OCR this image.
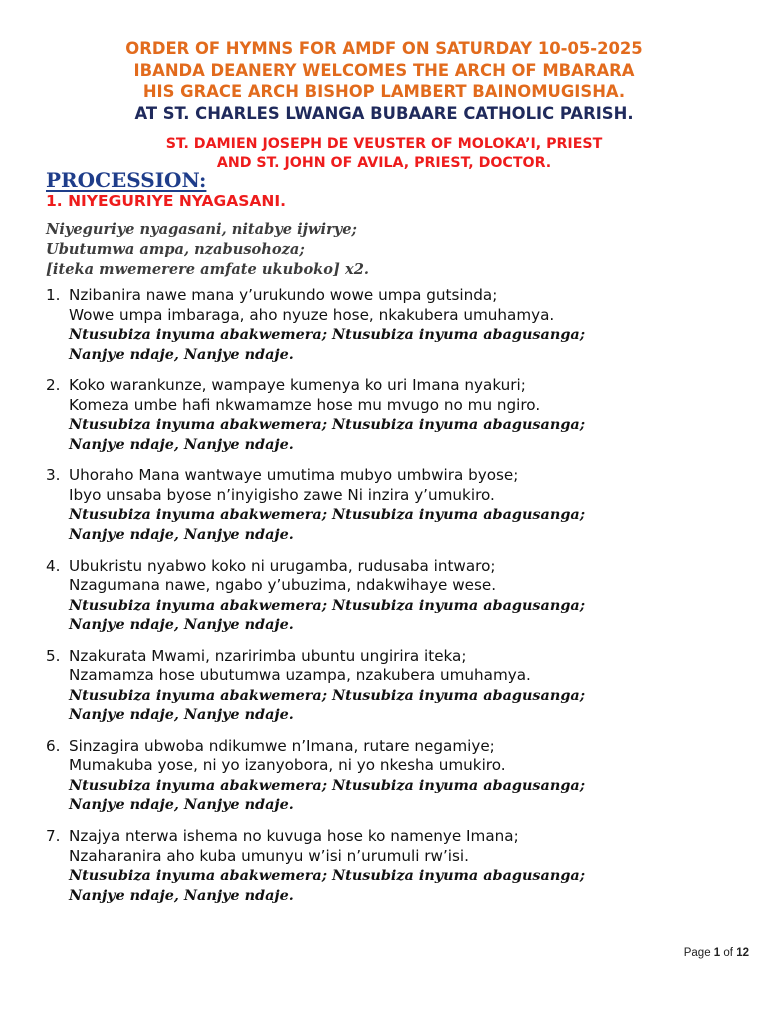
ORDER OF HYMNS FOR AMDF ON SATURDAY 10-05-2025

IBANDA DEANERY WELCOMES THE ARCH OF MBARARA

HIS GRACE ARCH BISHOP LAMBERT BAINOMUGISHA.

AT ST. CHARLES LWANGA BUBAARE CATHOLIC PARISH.

ST. DAMIEN JOSEPH DE VEUSTER OF MOLOKA’I, PRIEST

AND ST. JOHN OF AVILA, PRIEST, DOCTOR.

PROCESSION:
1. NIYEGURIYE NYAGASANI.
Niyeguriye nyagasani, nitabye ijwirye;
Ubutumwa ampa, nzabusohoza;
[iteka mwemerere amfate ukuboko] x2.
1. Nzibanira nawe mana y’urukundo wowe umpa gutsinda;
Wowe umpa imbaraga, aho nyuze hose, nkakubera umuhamya.
Ntusubiza inyuma abakwemera; Ntusubiza inyuma abagusanga;
Nanjye ndaje, Nanjye ndaje.
2. Koko warankunze, wampaye kumenya ko uri Imana nyakuri;
Komeza umbe hafi nkwamamze hose mu mvugo no mu ngiro.
Ntusubiza inyuma abakwemera; Ntusubiza inyuma abagusanga;
Nanjye ndaje, Nanjye ndaje.
3. Uhoraho Mana wantwaye umutima mubyo umbwira byose;
Ibyo unsaba byose n’inyigisho zawe Ni inzira y’umukiro.
Ntusubiza inyuma abakwemera; Ntusubiza inyuma abagusanga;
Nanjye ndaje, Nanjye ndaje.
4. Ubukristu nyabwo koko ni urugamba, rudusaba intwaro;
Nzagumana nawe, ngabo y’ubuzima, ndakwihaye wese.
Ntusubiza inyuma abakwemera; Ntusubiza inyuma abagusanga;
Nanjye ndaje, Nanjye ndaje.
5. Nzakurata Mwami, nzaririmba ubuntu ungirira iteka;
Nzamamza hose ubutumwa uzampa, nzakubera umuhamya.
Ntusubiza inyuma abakwemera; Ntusubiza inyuma abagusanga;
Nanjye ndaje, Nanjye ndaje.
6. Sinzagira ubwoba ndikumwe n’Imana, rutare negamiye;
Mumakuba yose, ni yo izanyobora, ni yo nkesha umukiro.
Ntusubiza inyuma abakwemera; Ntusubiza inyuma abagusanga;
Nanjye ndaje, Nanjye ndaje.
7. Nzajya nterwa ishema no kuvuga hose ko namenye Imana;
Nzaharanira aho kuba umunyu w’isi n’urumuli rw’isi.
Ntusubiza inyuma abakwemera; Ntusubiza inyuma abagusanga;
Nanjye ndaje, Nanjye ndaje.
Page 1 of 12
